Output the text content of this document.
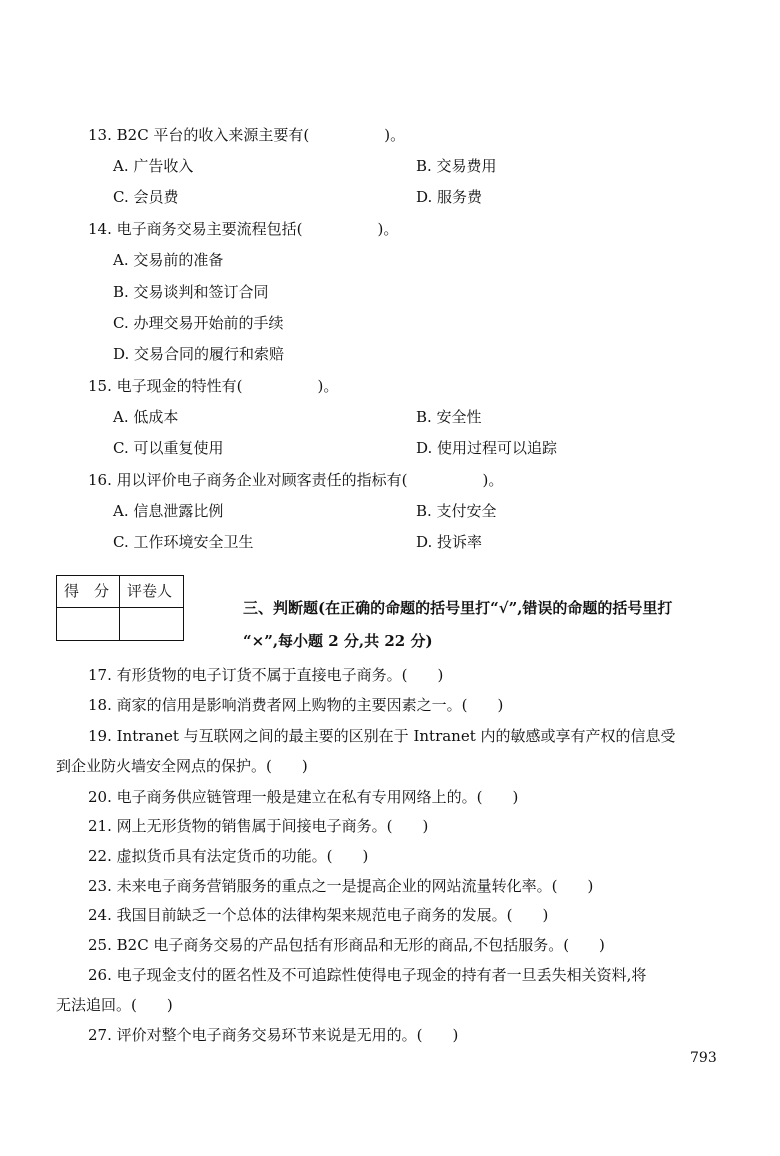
13. B2C 平台的收入来源主要有(　　　　　)。
A. 广告收入	B. 交易费用
C. 会员费	D. 服务费
14. 电子商务交易主要流程包括(　　　　　)。
A. 交易前的准备
B. 交易谈判和签订合同
C. 办理交易开始前的手续
D. 交易合同的履行和索赔
15. 电子现金的特性有(　　　　　)。
A. 低成本	B. 安全性
C. 可以重复使用	D. 使用过程可以追踪
16. 用以评价电子商务企业对顾客责任的指标有(　　　　　)。
A. 信息泄露比例	B. 支付安全
C. 工作环境安全卫生	D. 投诉率
得　分 评卷人
三、判断题(在正确的命题的括号里打“√”,错误的命题的括号里打
“×”,每小题 2 分,共 22 分)
17. 有形货物的电子订货不属于直接电子商务。(　　)
18. 商家的信用是影响消费者网上购物的主要因素之一。(　　)
19. Intranet 与互联网之间的最主要的区别在于 Intranet 内的敏感或享有产权的信息受
到企业防火墙安全网点的保护。(　　)
20. 电子商务供应链管理一般是建立在私有专用网络上的。(　　)
21. 网上无形货物的销售属于间接电子商务。(　　)
22. 虚拟货币具有法定货币的功能。(　　)
23. 未来电子商务营销服务的重点之一是提高企业的网站流量转化率。(　　)
24. 我国目前缺乏一个总体的法律构架来规范电子商务的发展。(　　)
25. B2C 电子商务交易的产品包括有形商品和无形的商品,不包括服务。(　　)
26. 电子现金支付的匿名性及不可追踪性使得电子现金的持有者一旦丢失相关资料,将
无法追回。(　　)
27. 评价对整个电子商务交易环节来说是无用的。(　　)
793
